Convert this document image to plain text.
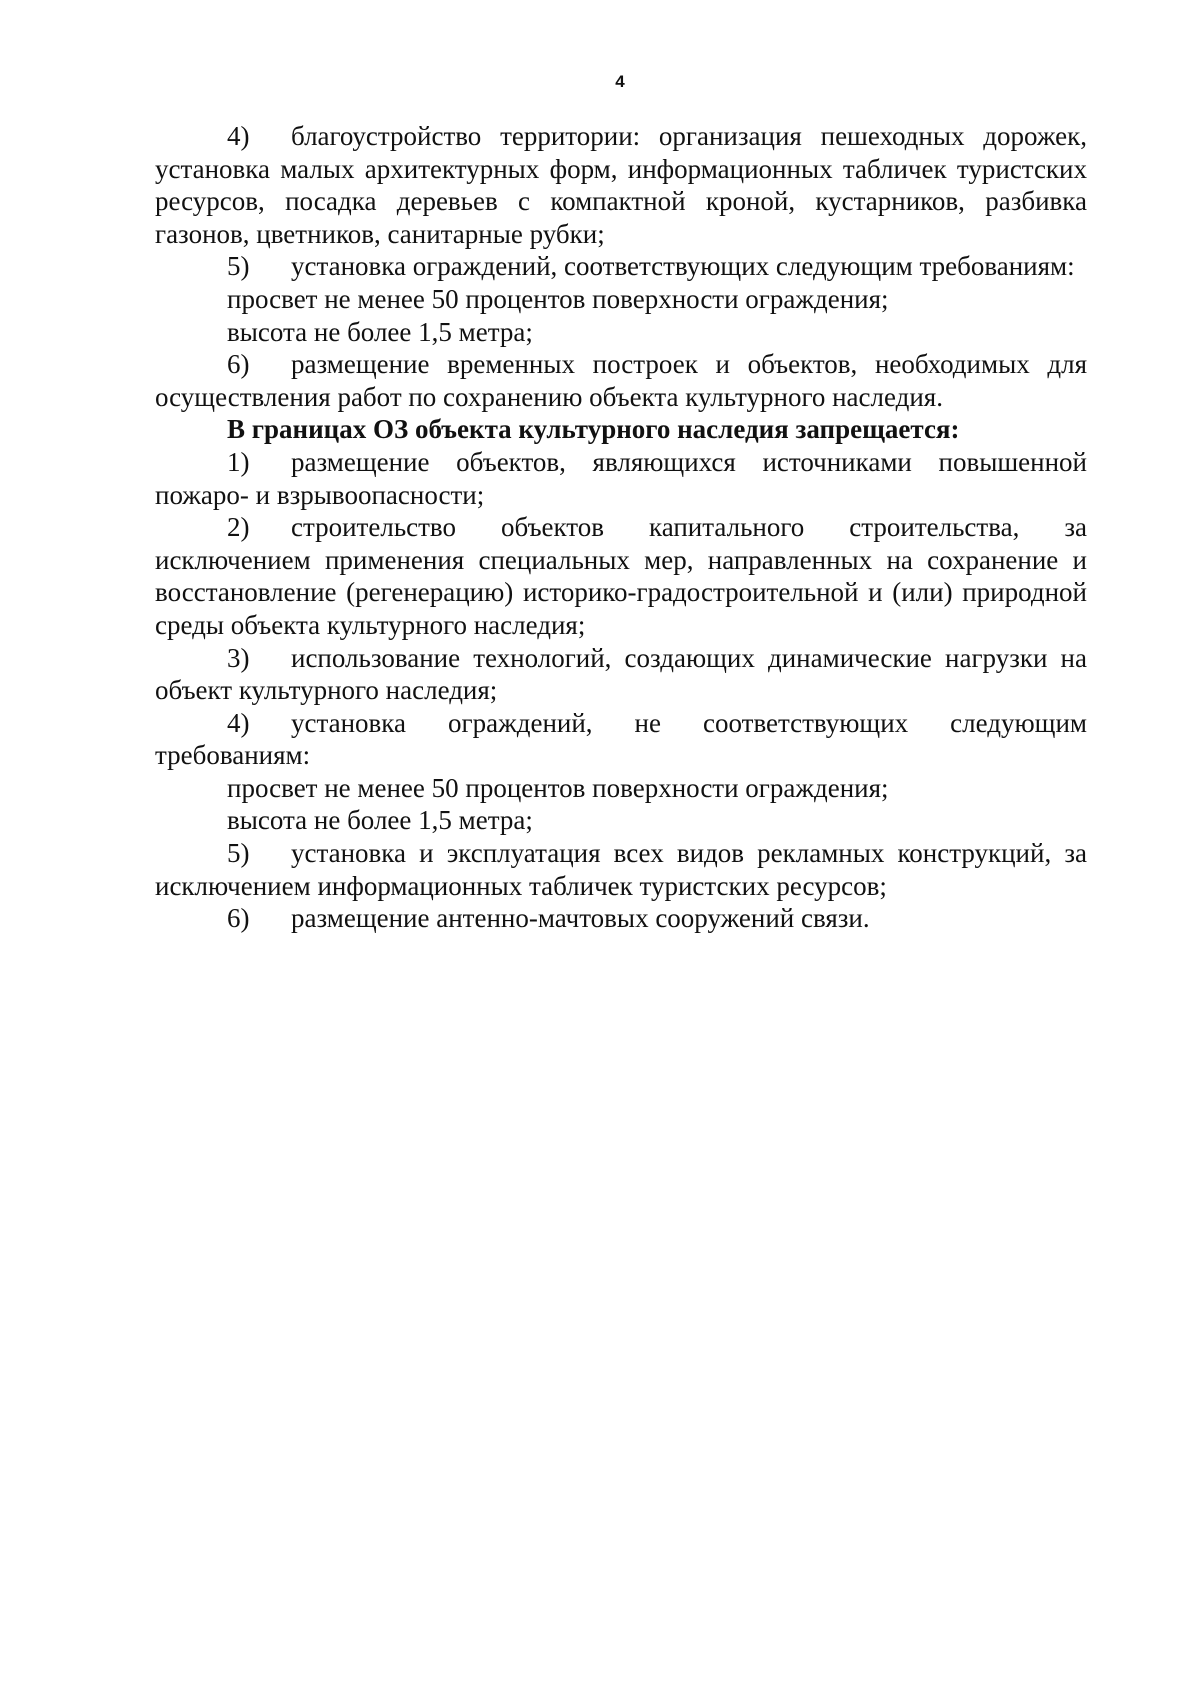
4

4) благоустройство территории: организация пешеходных дорожек, установка малых архитектурных форм, информационных табличек туристских ресурсов, посадка деревьев с компактной кроной, кустарников, разбивка газонов, цветников, санитарные рубки;

5) установка ограждений, соответствующих следующим требованиям:

просвет не менее 50 процентов поверхности ограждения;

высота не более 1,5 метра;

6) размещение временных построек и объектов, необходимых для осуществления работ по сохранению объекта культурного наследия.

В границах ОЗ объекта культурного наследия запрещается:

1) размещение объектов, являющихся источниками повышенной пожаро- и взрывоопасности;

2) строительство объектов капитального строительства, за исключением применения специальных мер, направленных на сохранение и восстановление (регенерацию) историко-градостроительной и (или) природной среды объекта культурного наследия;

3) использование технологий, создающих динамические нагрузки на объект культурного наследия;

4) установка ограждений, не соответствующих следующим требованиям:

просвет не менее 50 процентов поверхности ограждения;

высота не более 1,5 метра;

5) установка и эксплуатация всех видов рекламных конструкций, за исключением информационных табличек туристских ресурсов;

6) размещение антенно-мачтовых сооружений связи.
